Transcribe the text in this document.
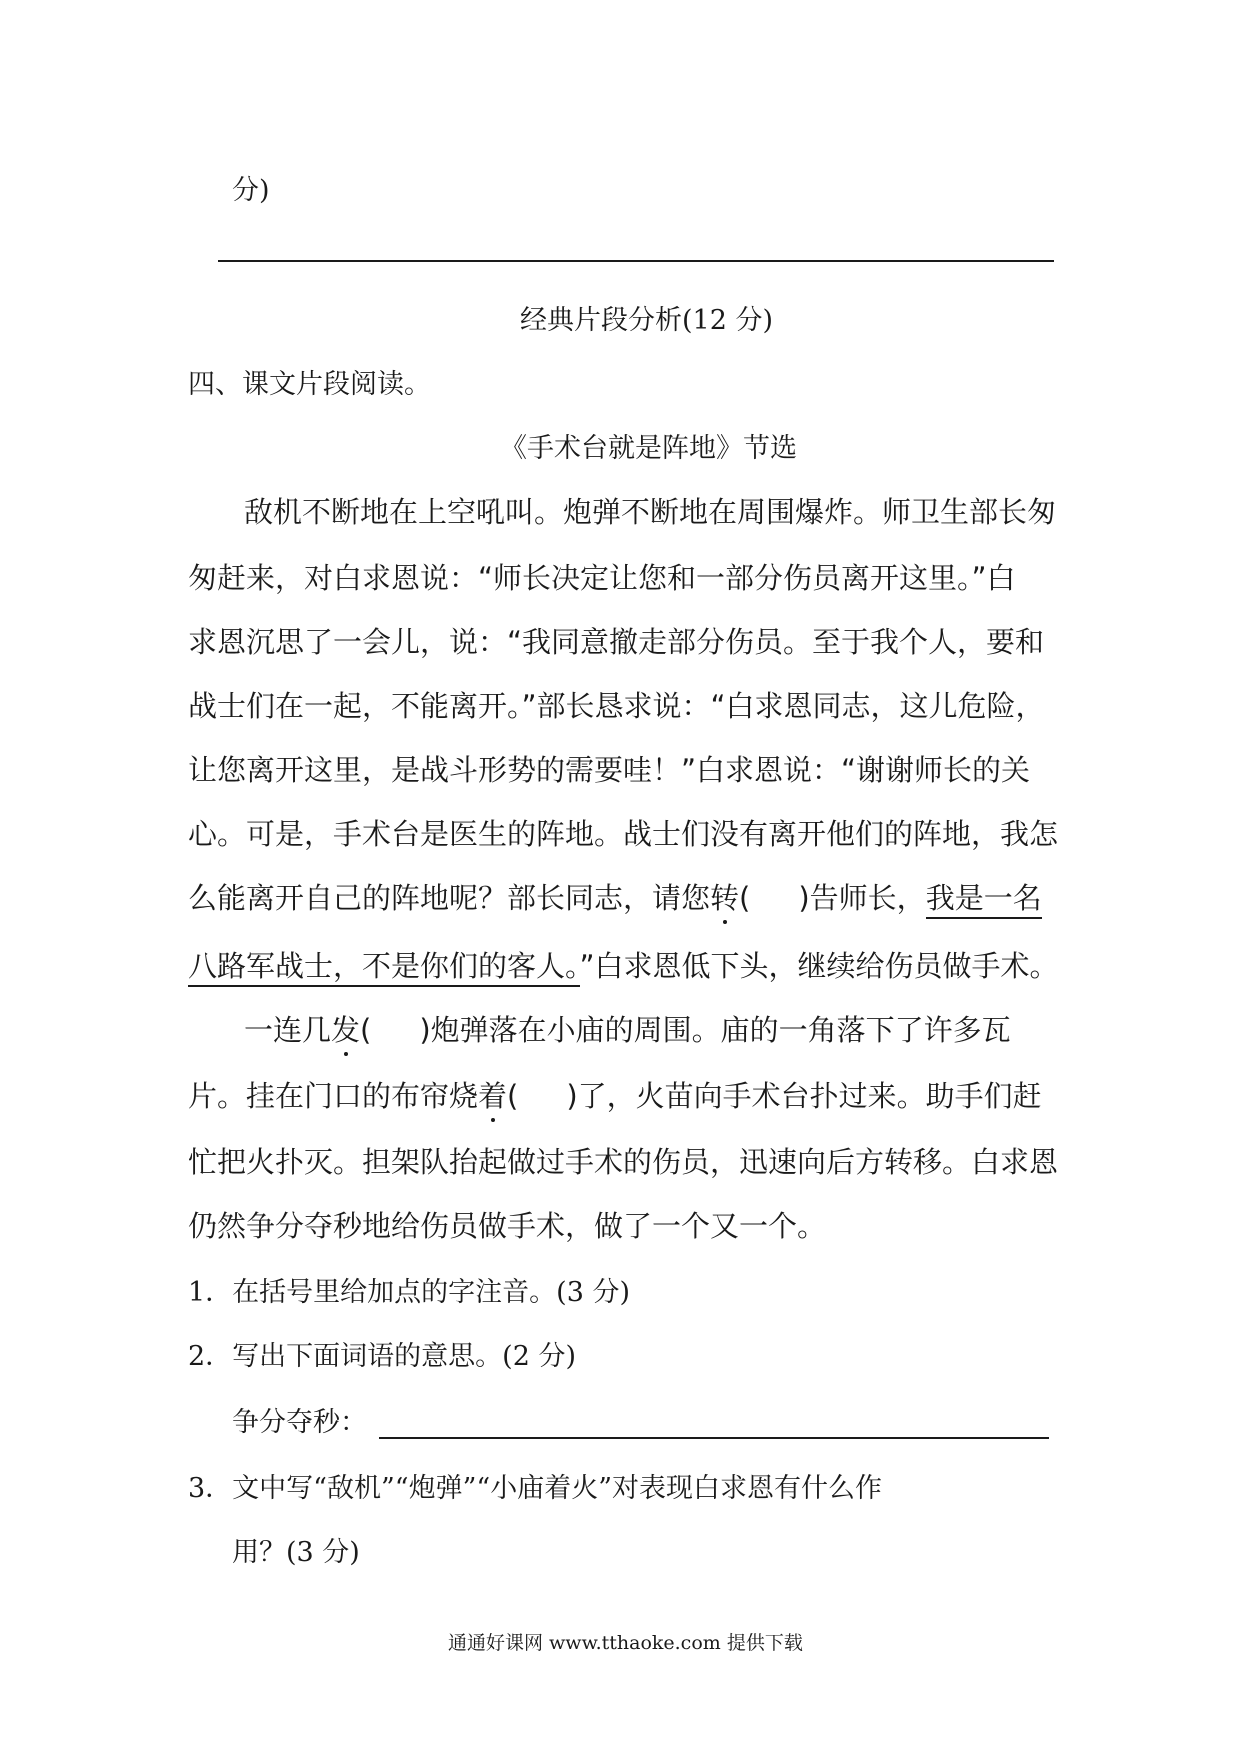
分)
经典片段分析(12 分)
四、课文片段阅读。
《手术台就是阵地》节选
敌机不断地在上空吼叫。炮弹不断地在周围爆炸。师卫生部长匆
匆赶来，对白求恩说：“师长决定让您和一部分伤员离开这里。”白
求恩沉思了一会儿，说：“我同意撤走部分伤员。至于我个人，要和
战士们在一起，不能离开。”部长恳求说：“白求恩同志，这儿危险，
让您离开这里，是战斗形势的需要哇！”白求恩说：“谢谢师长的关
心。可是，手术台是医生的阵地。战士们没有离开他们的阵地，我怎
么能离开自己的阵地呢？部长同志，请您转( )告师长，我是一名
八路军战士，不是你们的客人。”白求恩低下头，继续给伤员做手术。
一连几发( )炮弹落在小庙的周围。庙的一角落下了许多瓦
片。挂在门口的布帘烧着( )了，火苗向手术台扑过来。助手们赶
忙把火扑灭。担架队抬起做过手术的伤员，迅速向后方转移。白求恩
仍然争分夺秒地给伤员做手术，做了一个又一个。
1．在括号里给加点的字注音。(3 分)
2．写出下面词语的意思。(2 分)
争分夺秒：
3．文中写“敌机”“炮弹”“小庙着火”对表现白求恩有什么作
用？(3 分)
通通好课网 www.tthaoke.com 提供下载
